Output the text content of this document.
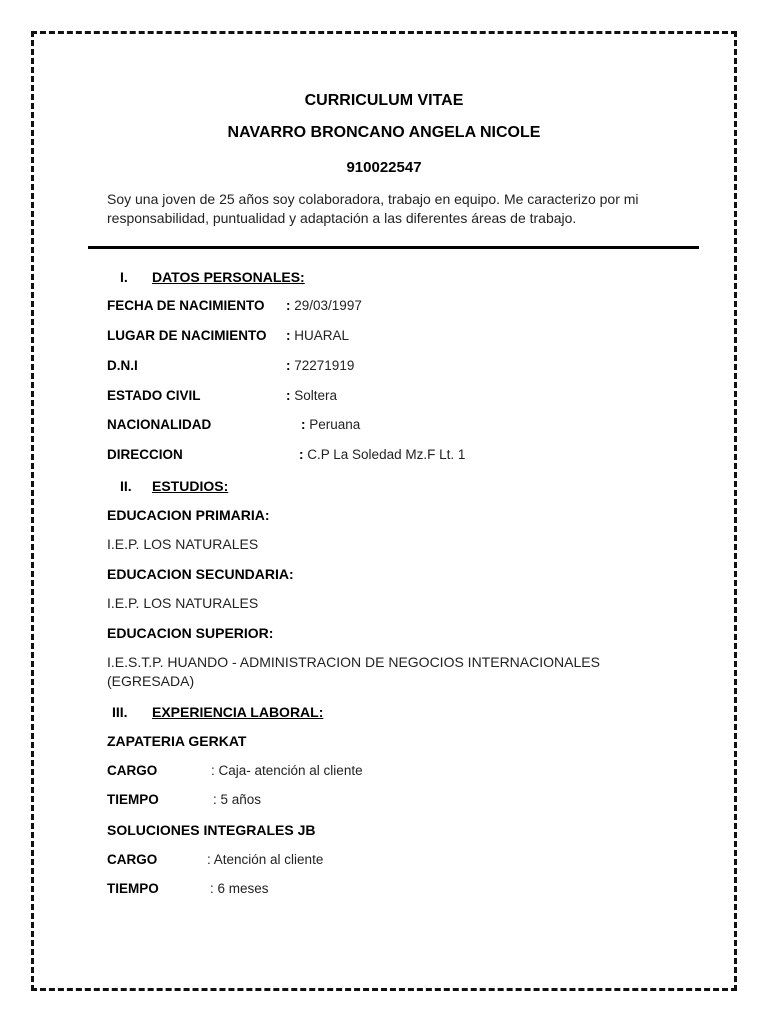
CURRICULUM VITAE
NAVARRO BRONCANO ANGELA NICOLE
910022547
Soy una joven de 25 años soy colaboradora, trabajo en equipo. Me caracterizo por mi responsabilidad, puntualidad y adaptación a las diferentes áreas de trabajo.
I. DATOS PERSONALES:
FECHA DE NACIMIENTO : 29/03/1997
LUGAR DE NACIMIENTO : HUARAL
D.N.I	: 72271919
ESTADO CIVIL	: Soltera
NACIONALIDAD	: Peruana
DIRECCION	: C.P La Soledad Mz.F Lt. 1
II. ESTUDIOS:
EDUCACION PRIMARIA:
I.E.P. LOS NATURALES
EDUCACION SECUNDARIA:
I.E.P. LOS NATURALES
EDUCACION SUPERIOR:
I.E.S.T.P. HUANDO - ADMINISTRACION DE NEGOCIOS INTERNACIONALES (EGRESADA)
III. EXPERIENCIA LABORAL:
ZAPATERIA GERKAT
CARGO	: Caja- atención al cliente
TIEMPO	: 5 años
SOLUCIONES INTEGRALES JB
CARGO	: Atención al cliente
TIEMPO	: 6 meses
